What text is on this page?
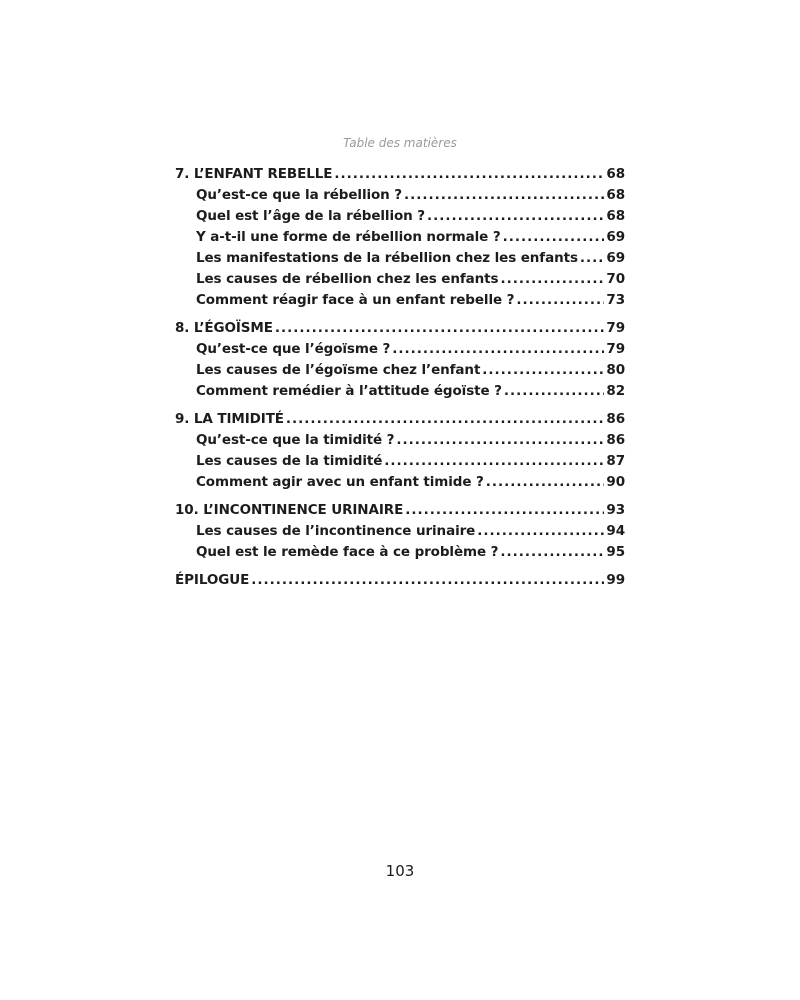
Table des matières
7. L’ENFANT REBELLE .....	68
Qu’est-ce que la rébellion ? .....	68
Quel est l’âge de la rébellion ? .....	68
Y a-t-il une forme de rébellion normale ? .....	69
Les manifestations de la rébellion chez les enfants ..... 69
Les causes de rébellion chez les enfants .....	70
Comment réagir face à un enfant rebelle ? .....	73
8. L’ÉGOÏSME .....	79
Qu’est-ce que l’égoïsme ? .....	79
Les causes de l’égoïsme chez l’enfant .....	80
Comment remédier à l’attitude égoïste ? .....	82
9. LA TIMIDITÉ .....	86
Qu’est-ce que la timidité ? .....	86
Les causes de la timidité .....	87
Comment agir avec un enfant timide ? .....	90
10. L’INCONTINENCE URINAIRE .....	93
Les causes de l’incontinence urinaire .....	94
Quel est le remède face à ce problème ? .....	95
ÉPILOGUE .....	99
103
